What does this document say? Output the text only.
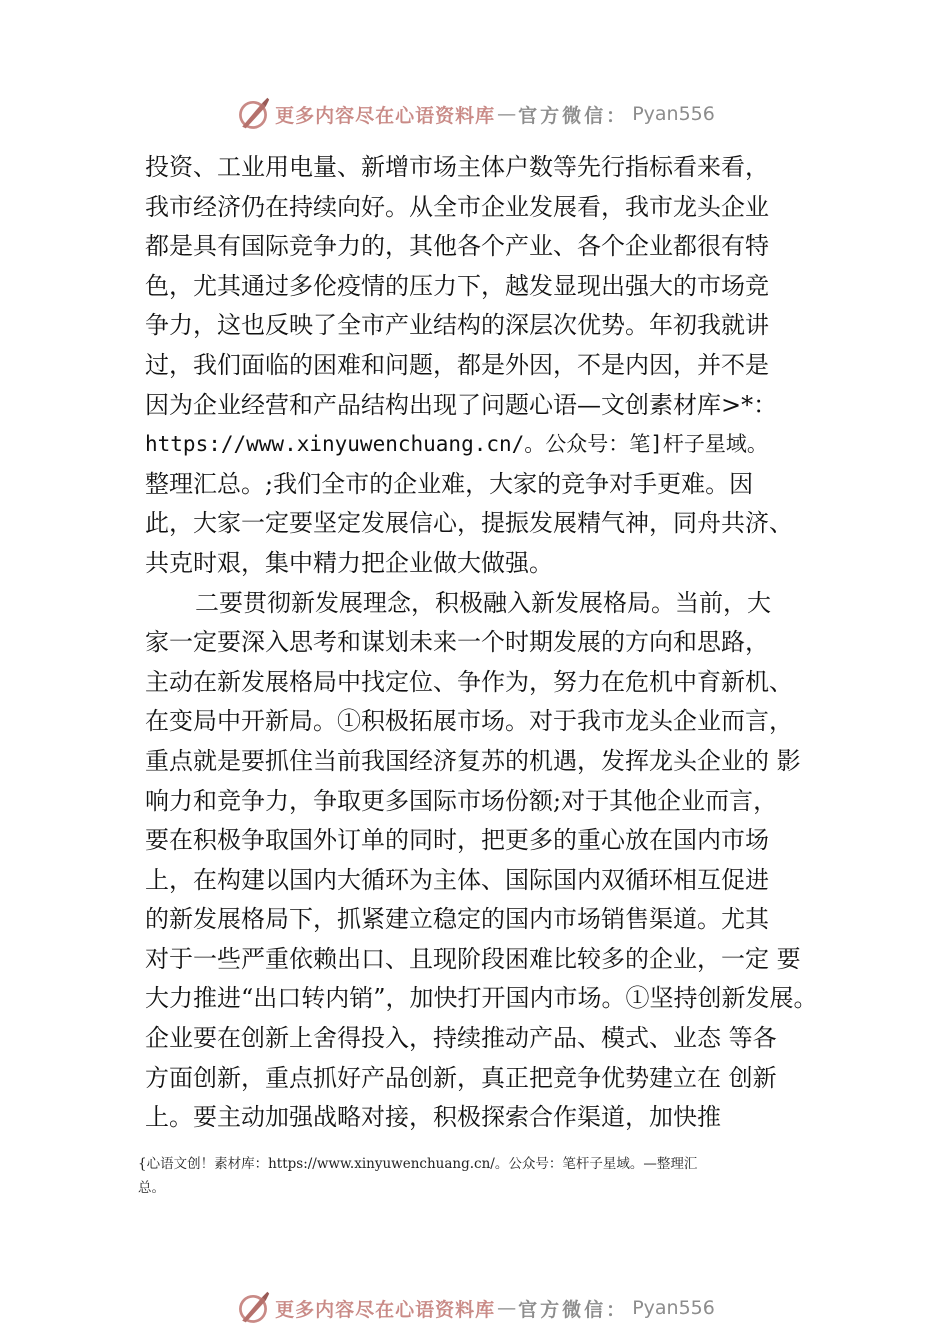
更多内容尽在心语资料库 — 官方微信： Pyan556
投资、工业用电量、新增市场主体户数等先行指标看来看，
我市经济仍在持续向好。从全市企业发展看，我市龙头企业
都是具有国际竞争力的，其他各个产业、各个企业都很有特
色，尤其通过多伦疫情的压力下，越发显现出强大的市场竞
争力，这也反映了全市产业结构的深层次优势。年初我就讲
过，我们面临的困难和问题，都是外因，不是内因，并不是
因为企业经营和产品结构出现了问题心语—文创素材库>*：
https://www.xinyuwenchuang.cn/。公众号：笔]杆子星域。
整理汇总。;我们全市的企业难，大家的竞争对手更难。因
此，大家一定要坚定发展信心，提振发展精气神，同舟共济、
共克时艰，集中精力把企业做大做强。
二要贯彻新发展理念，积极融入新发展格局。当前，大
家一定要深入思考和谋划未来一个时期发展的方向和思路，
主动在新发展格局中找定位、争作为，努力在危机中育新机、
在变局中开新局。①积极拓展市场。对于我市龙头企业而言，
重点就是要抓住当前我国经济复苏的机遇，发挥龙头企业的 影
响力和竞争力，争取更多国际市场份额;对于其他企业而言，
要在积极争取国外订单的同时，把更多的重心放在国内市场
上，在构建以国内大循环为主体、国际国内双循环相互促进
的新发展格局下，抓紧建立稳定的国内市场销售渠道。尤其
对于一些严重依赖出口、且现阶段困难比较多的企业，一定 要
大力推进“出口转内销”，加快打开国内市场。①坚持创新发展。
企业要在创新上舍得投入，持续推动产品、模式、业态 等各
方面创新，重点抓好产品创新，真正把竞争优势建立在 创新
上。要主动加强战略对接，积极探索合作渠道，加快推
{心语文创！素材库：https://www.xinyuwenchuang.cn/。公众号：笔杆子星域。—整理汇
总。
更多内容尽在心语资料库 — 官方微信： Pyan556
